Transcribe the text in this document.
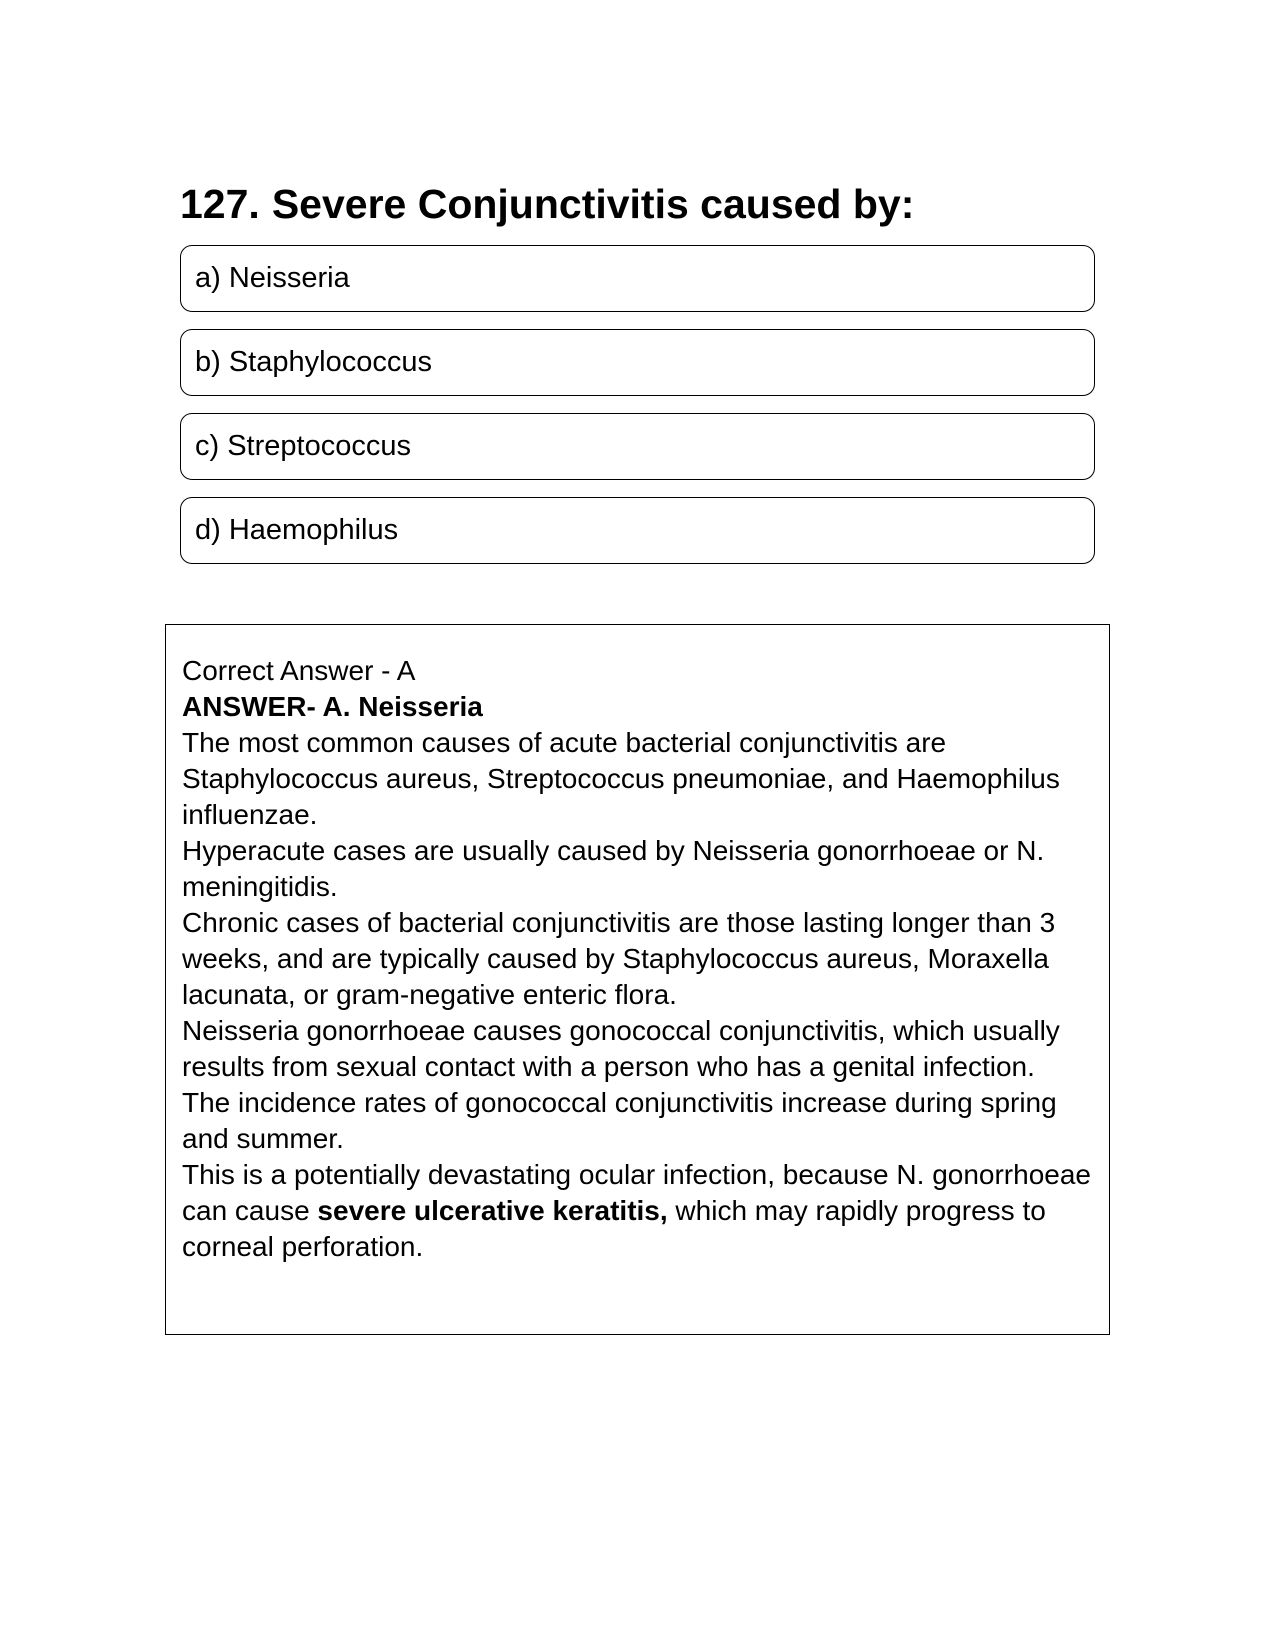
127. Severe Conjunctivitis caused by:
a) Neisseria
b) Staphylococcus
c) Streptococcus
d) Haemophilus

Correct Answer - A

ANSWER- A. Neisseria

The most common causes of acute bacterial conjunctivitis are Staphylococcus aureus, Streptococcus pneumoniae, and Haemophilus influenzae.

Hyperacute cases are usually caused by Neisseria gonorrhoeae or N. meningitidis.

Chronic cases of bacterial conjunctivitis are those lasting longer than 3 weeks, and are typically caused by Staphylococcus aureus, Moraxella lacunata, or gram-negative enteric flora.

Neisseria gonorrhoeae causes gonococcal conjunctivitis, which usually results from sexual contact with a person who has a genital infection.

The incidence rates of gonococcal conjunctivitis increase during spring and summer.

This is a potentially devastating ocular infection, because N. gonorrhoeae can cause severe ulcerative keratitis, which may rapidly progress to corneal perforation.
